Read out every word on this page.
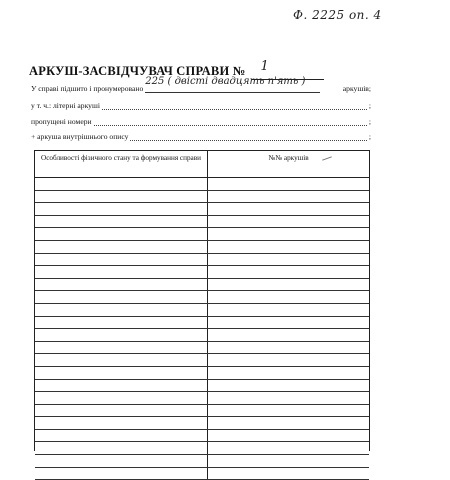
Ф. 2225 оп. 4
АРКУШ-ЗАСВІДЧУВАЧ СПРАВИ № 1
У справі підшито і пронумеровано
225 ( двісті двадцять п'ять )
аркушів;
у т. ч.: літерні аркуші	;
пропущені номери	;
+ аркуша внутрішнього опису	;
Особливості фізичного стану та формування справи	№№ аркушів
